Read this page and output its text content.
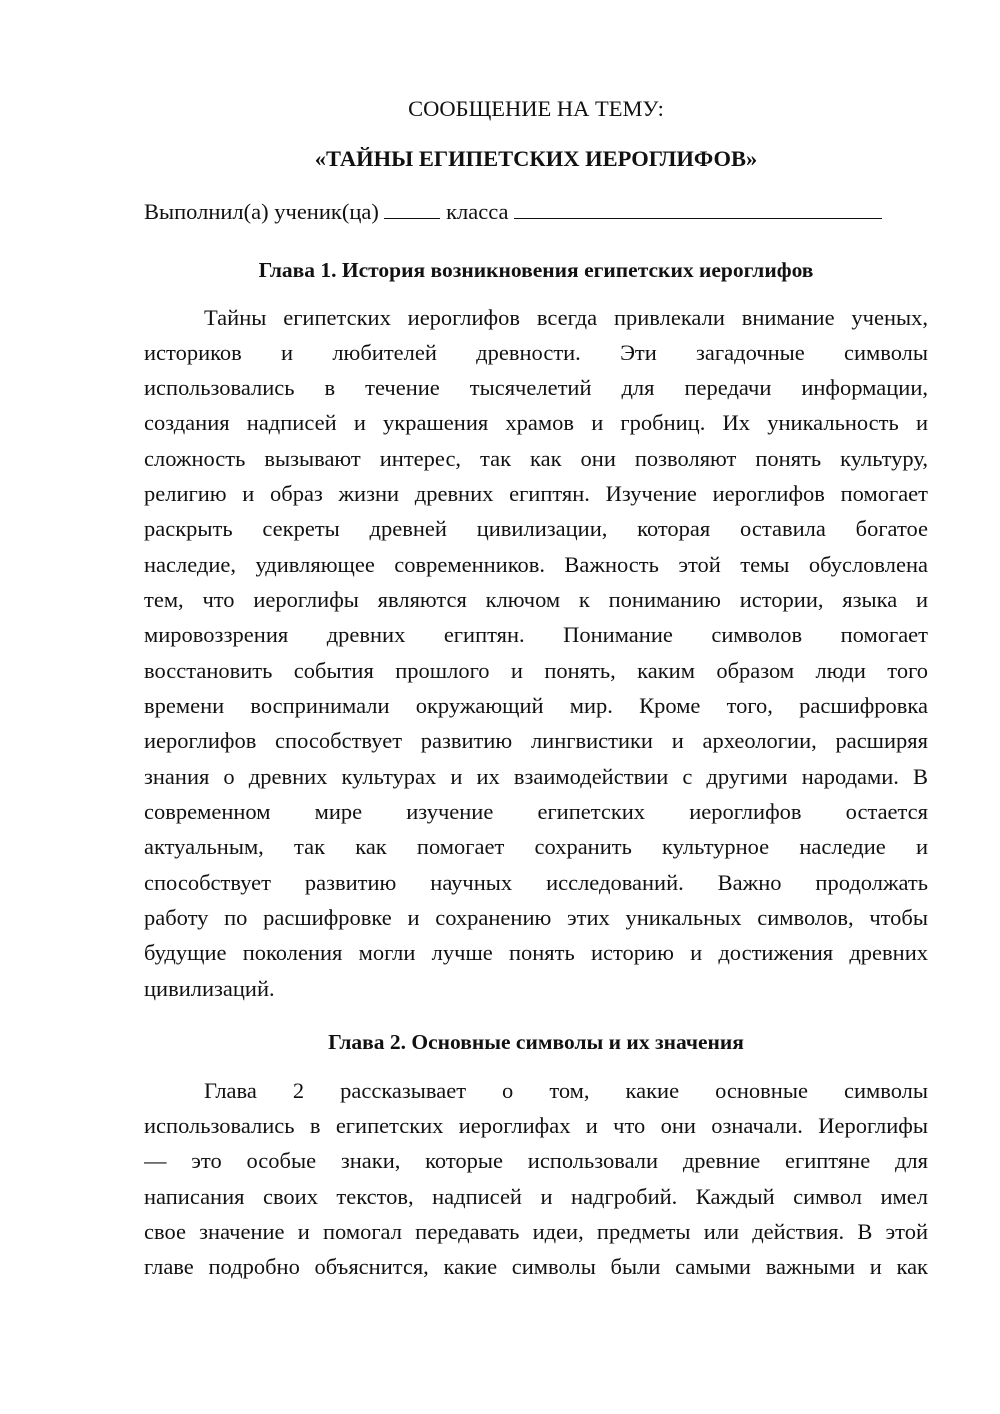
СООБЩЕНИЕ НА ТЕМУ:
«ТАЙНЫ ЕГИПЕТСКИХ ИЕРОГЛИФОВ»
Выполнил(а) ученик(ца)	класса
Глава 1. История возникновения египетских иероглифов
Тайны египетских иероглифов всегда привлекали внимание ученых,
историков и любителей древности. Эти загадочные символы
использовались в течение тысячелетий для передачи информации,
создания надписей и украшения храмов и гробниц. Их уникальность и
сложность вызывают интерес, так как они позволяют понять культуру,
религию и образ жизни древних египтян. Изучение иероглифов помогает
раскрыть секреты древней цивилизации, которая оставила богатое
наследие, удивляющее современников. Важность этой темы обусловлена
тем, что иероглифы являются ключом к пониманию истории, языка и
мировоззрения древних египтян. Понимание символов помогает
восстановить события прошлого и понять, каким образом люди того
времени воспринимали окружающий мир. Кроме того, расшифровка
иероглифов способствует развитию лингвистики и археологии, расширяя
знания о древних культурах и их взаимодействии с другими народами. В
современном мире изучение египетских иероглифов остается
актуальным, так как помогает сохранить культурное наследие и
способствует развитию научных исследований. Важно продолжать
работу по расшифровке и сохранению этих уникальных символов, чтобы
будущие поколения могли лучше понять историю и достижения древних
цивилизаций.
Глава 2. Основные символы и их значения
Глава 2 рассказывает о том, какие основные символы
использовались в египетских иероглифах и что они означали. Иероглифы
— это особые знаки, которые использовали древние египтяне для
написания своих текстов, надписей и надгробий. Каждый символ имел
свое значение и помогал передавать идеи, предметы или действия. В этой
главе подробно объяснится, какие символы были самыми важными и как
